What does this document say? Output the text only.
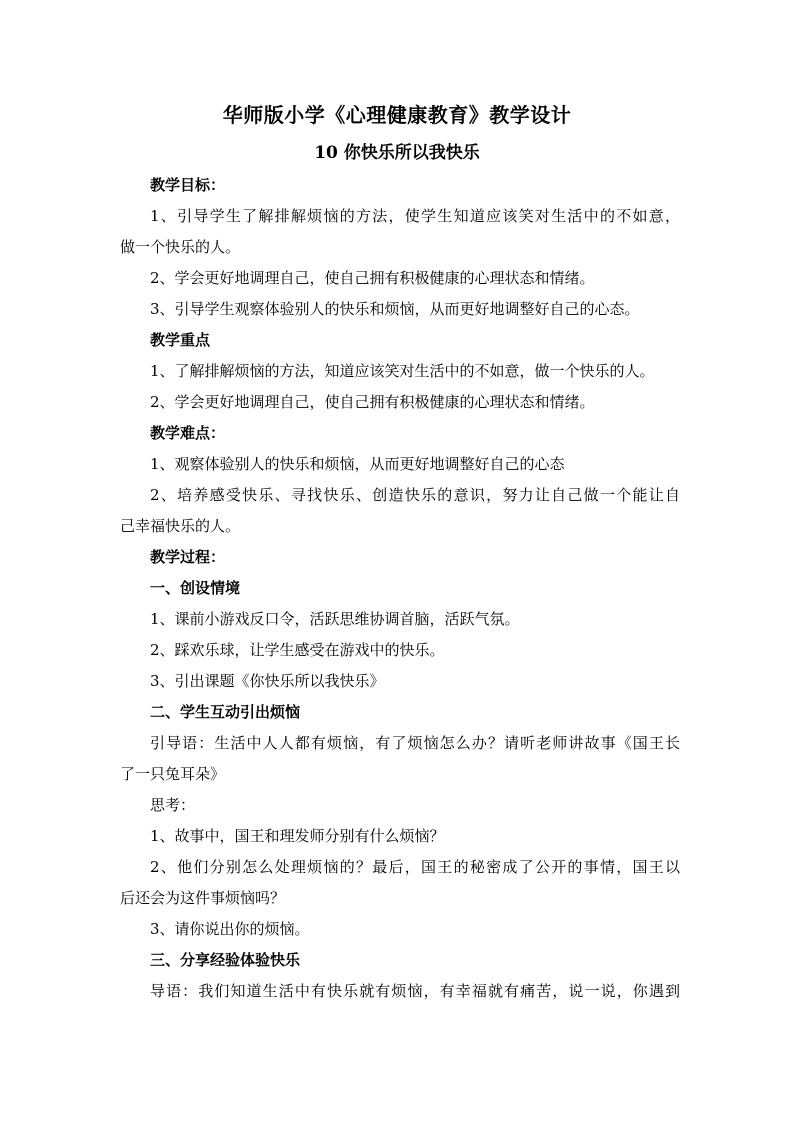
华师版小学《心理健康教育》教学设计
10 你快乐所以我快乐
教学目标：
1、引导学生了解排解烦恼的方法，使学生知道应该笑对生活中的不如意，
做一个快乐的人。
2、学会更好地调理自己，使自己拥有积极健康的心理状态和情绪。
3、引导学生观察体验别人的快乐和烦恼，从而更好地调整好自己的心态。
教学重点
1、了解排解烦恼的方法，知道应该笑对生活中的不如意，做一个快乐的人。
2、学会更好地调理自己，使自己拥有积极健康的心理状态和情绪。
教学难点：
1、观察体验别人的快乐和烦恼，从而更好地调整好自己的心态
2、培养感受快乐、寻找快乐、创造快乐的意识，努力让自己做一个能让自
己幸福快乐的人。
教学过程：
一、创设情境
1、课前小游戏反口令，活跃思维协调首脑，活跃气氛。
2、踩欢乐球，让学生感受在游戏中的快乐。
3、引出课题《你快乐所以我快乐》
二、学生互动引出烦恼
引导语：生活中人人都有烦恼，有了烦恼怎么办？请听老师讲故事《国王长
了一只兔耳朵》
思考：
1、故事中，国王和理发师分别有什么烦恼？
2、他们分别怎么处理烦恼的？最后，国王的秘密成了公开的事情，国王以
后还会为这件事烦恼吗？
3、请你说出你的烦恼。
三、分享经验体验快乐
导语：我们知道生活中有快乐就有烦恼，有幸福就有痛苦，说一说，你遇到
